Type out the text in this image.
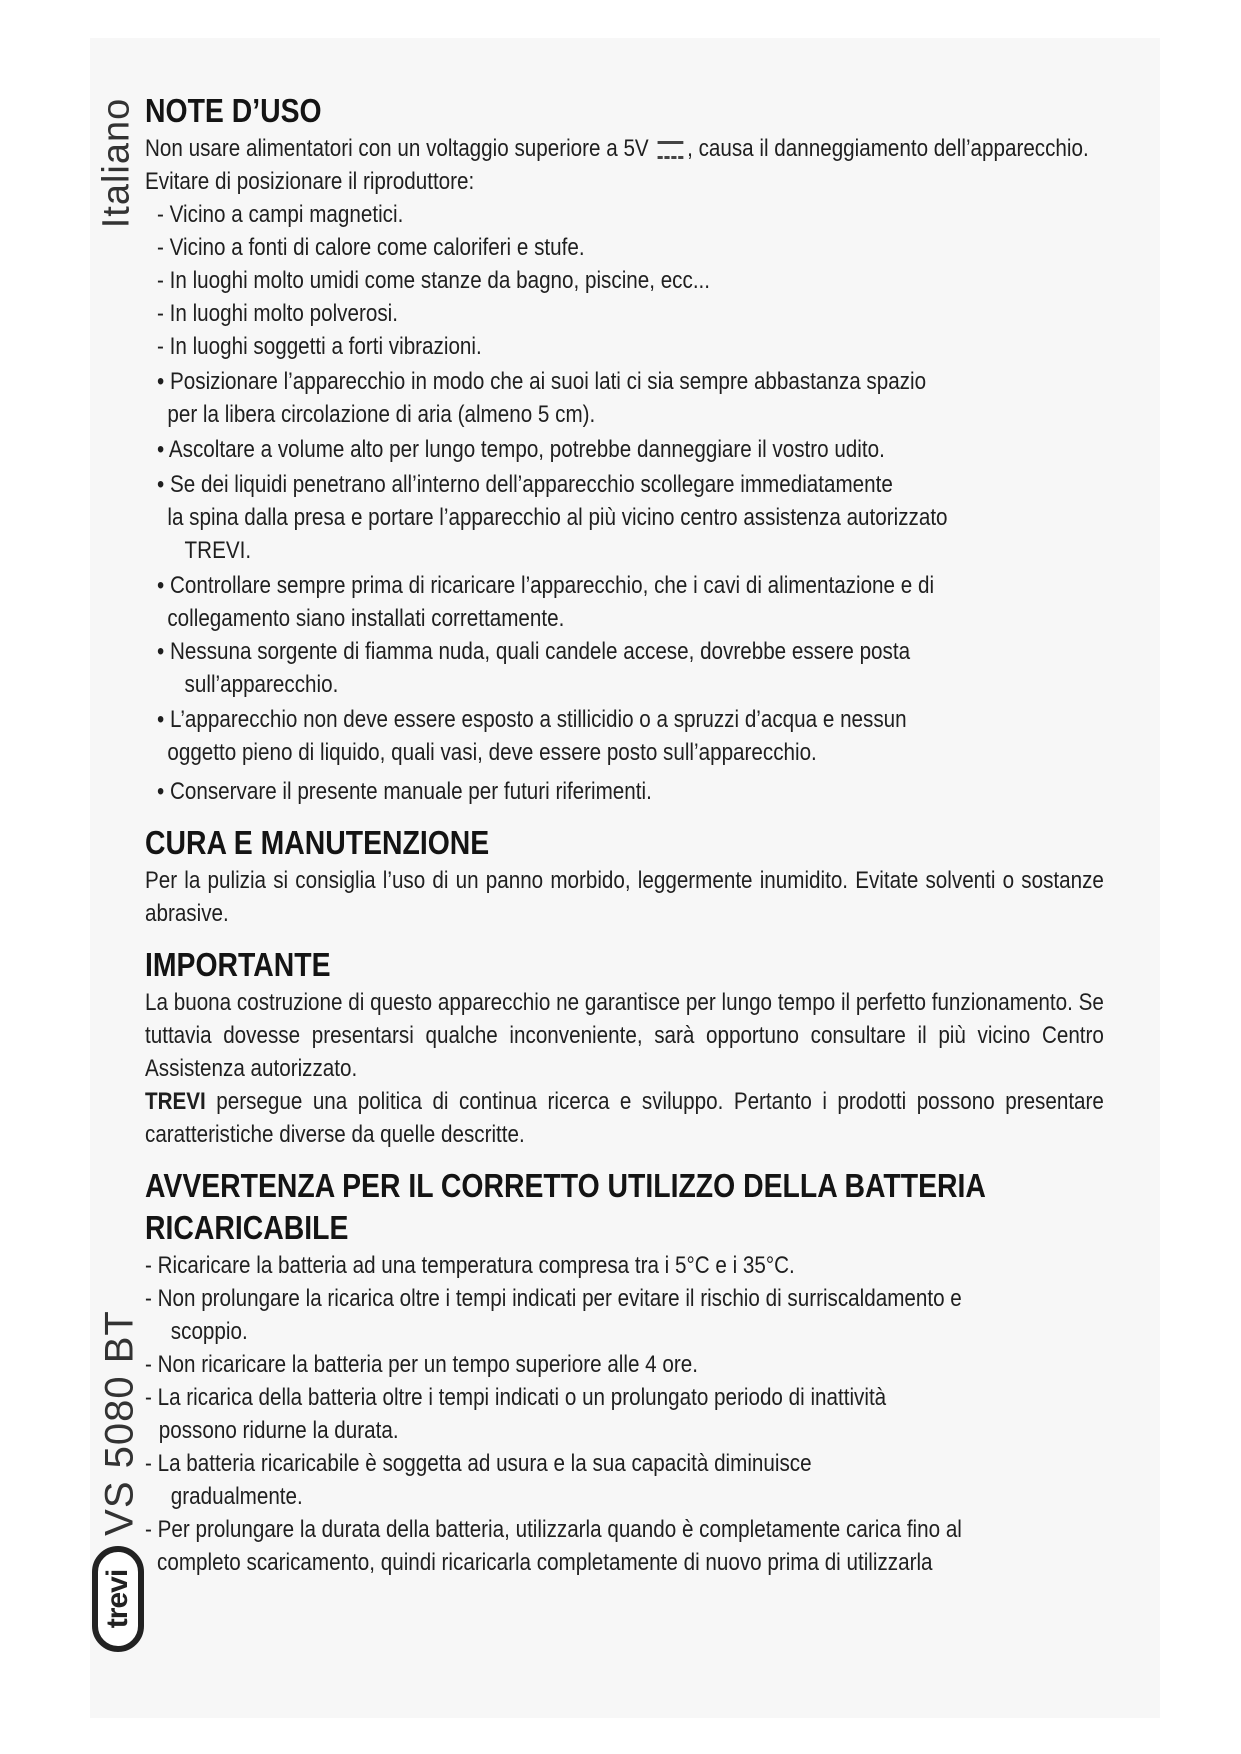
Italiano
VS 5080 BT
trevi
NOTE D’USO
Non usare alimentatori con un voltaggio superiore a 5V , causa il danneggiamento dell’apparecchio.
Evitare di posizionare il riproduttore:
- Vicino a campi magnetici.
- Vicino a fonti di calore come caloriferi e stufe.
- In luoghi molto umidi come stanze da bagno, piscine, ecc...
- In luoghi molto polverosi.
- In luoghi soggetti a forti vibrazioni.
• Posizionare l’apparecchio in modo che ai suoi lati ci sia sempre abbastanza spazio
per la libera circolazione di aria (almeno 5 cm).
• Ascoltare a volume alto per lungo tempo, potrebbe danneggiare il vostro udito.
• Se dei liquidi penetrano all’interno dell’apparecchio scollegare immediatamente
la spina dalla presa e portare l’apparecchio al più vicino centro assistenza autorizzato
TREVI.
• Controllare sempre prima di ricaricare l’apparecchio, che i cavi di alimentazione e di
collegamento siano installati correttamente.
• Nessuna sorgente di fiamma nuda, quali candele accese, dovrebbe essere posta
sull’apparecchio.
• L’apparecchio non deve essere esposto a stillicidio o a spruzzi d’acqua e nessun
oggetto pieno di liquido, quali vasi, deve essere posto sull’apparecchio.
• Conservare il presente manuale per futuri riferimenti.
CURA E MANUTENZIONE
Per la pulizia si consiglia l’uso di un panno morbido, leggermente inumidito. Evitate solventi o sostanze abrasive.
IMPORTANTE
La buona costruzione di questo apparecchio ne garantisce per lungo tempo il perfetto funzionamento. Se tuttavia dovesse presentarsi qualche inconveniente, sarà opportuno consultare il più vicino Centro Assistenza autorizzato.
TREVI persegue una politica di continua ricerca e sviluppo. Pertanto i prodotti possono presentare caratteristiche diverse da quelle descritte.
AVVERTENZA PER IL CORRETTO UTILIZZO DELLA BATTERIA
RICARICABILE
- Ricaricare la batteria ad una temperatura compresa tra i 5°C e i 35°C.
- Non prolungare la ricarica oltre i tempi indicati per evitare il rischio di surriscaldamento e
scoppio.
- Non ricaricare la batteria per un tempo superiore alle 4 ore.
- La ricarica della batteria oltre i tempi indicati o un prolungato periodo di inattività
possono ridurne la durata.
- La batteria ricaricabile è soggetta ad usura e la sua capacità diminuisce
gradualmente.
- Per prolungare la durata della batteria, utilizzarla quando è completamente carica fino al
completo scaricamento, quindi ricaricarla completamente di nuovo prima di utilizzarla
